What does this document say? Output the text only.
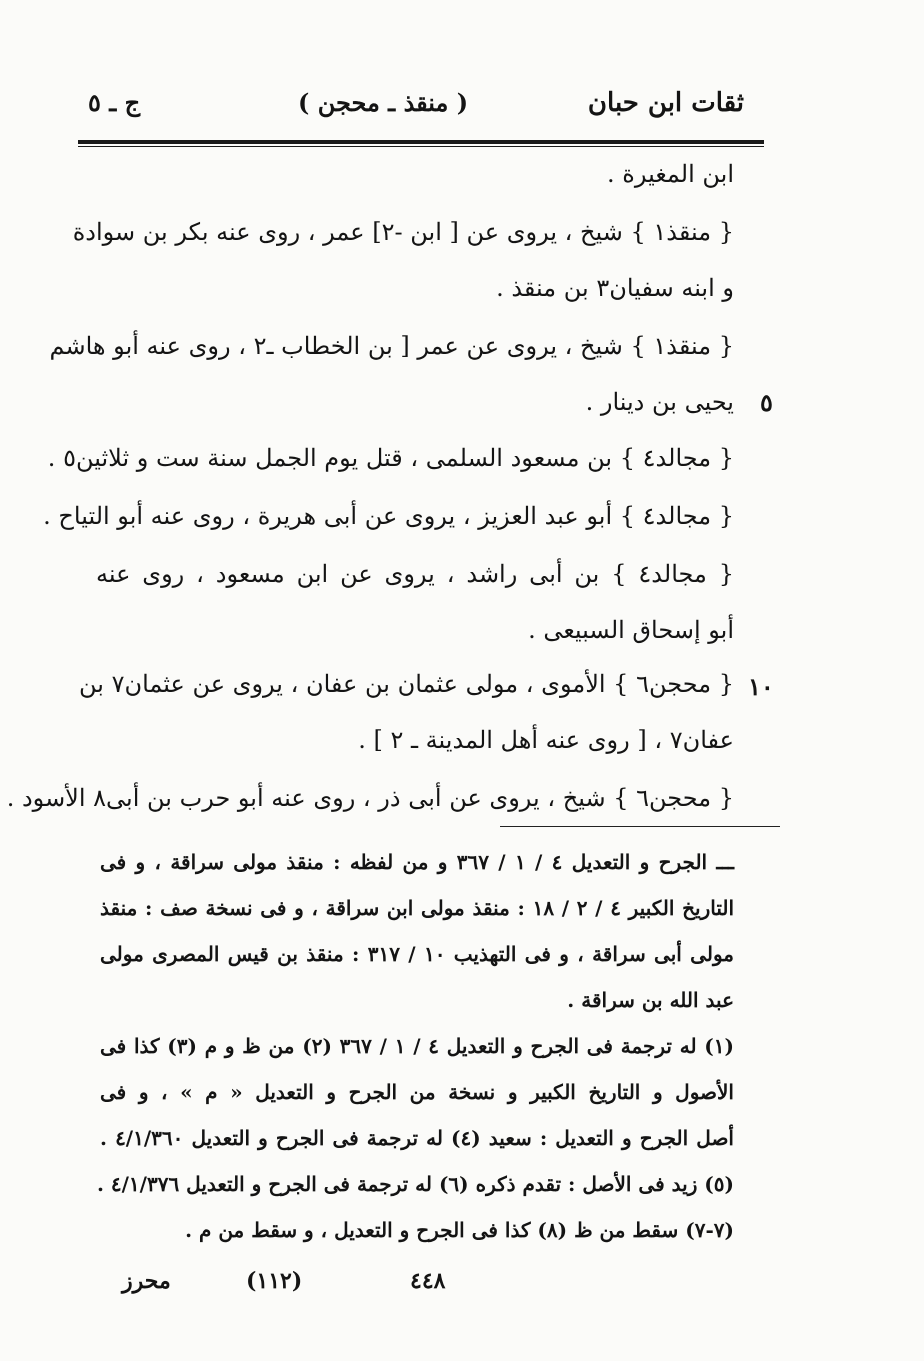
ج ـ ٥	( منقذ ـ محجن )	ثقات ابن حبان
ابن المغيرة .
{ منقذ١ } شيخ ، يروى عن [ ابن -٢] عمر ، روى عنه بكر بن سوادة
و ابنه سفيان٣ بن منقذ .
{ منقذ١ } شيخ ، يروى عن عمر [ بن الخطاب ـ٢ ، روى عنه أبو هاشم
يحيى بن دينار . ٥
{ مجالد٤ } بن مسعود السلمى ، قتل يوم الجمل سنة ست و ثلاثين٥ .
{ مجالد٤ } أبو عبد العزيز ، يروى عن أبى هريرة ، روى عنه أبو التياح .
{ مجالد٤ } بن أبى راشد ، يروى عن ابن مسعود ، روى عنه
أبو إسحاق السبيعى .
{ محجن٦ } الأموى ، مولى عثمان بن عفان ، يروى عن عثمان٧ بن ١٠
عفان٧ ، [ روى عنه أهل المدينة ـ ٢ ] .
{ محجن٦ } شيخ ، يروى عن أبى ذر ، روى عنه أبو حرب بن أبى٨ الأسود .
ـــ الجرح و التعديل ٤ / ١ / ٣٦٧ و من لفظه : منقذ مولى سراقة ، و فى
التاريخ الكبير ٤ / ٢ / ١٨ : منقذ مولى ابن سراقة ، و فى نسخة صف : منقذ
مولى أبى سراقة ، و فى التهذيب ١٠ / ٣١٧ : منقذ بن قيس المصرى مولى
عبد الله بن سراقة .
(١) له ترجمة فى الجرح و التعديل ٤ / ١ / ٣٦٧ (٢) من ظ و م (٣) كذا فى
الأصول و التاريخ الكبير و نسخة من الجرح و التعديل « م » ، و فى
أصل الجرح و التعديل : سعيد (٤) له ترجمة فى الجرح و التعديل ٤/١/٣٦٠ .
(٥) زيد فى الأصل : تقدم ذكره (٦) له ترجمة فى الجرح و التعديل ٤/١/٣٧٦ .
(٧-٧) سقط من ظ (٨) كذا فى الجرح و التعديل ، و سقط من م .
محرز	(١١٢)	٤٤٨
